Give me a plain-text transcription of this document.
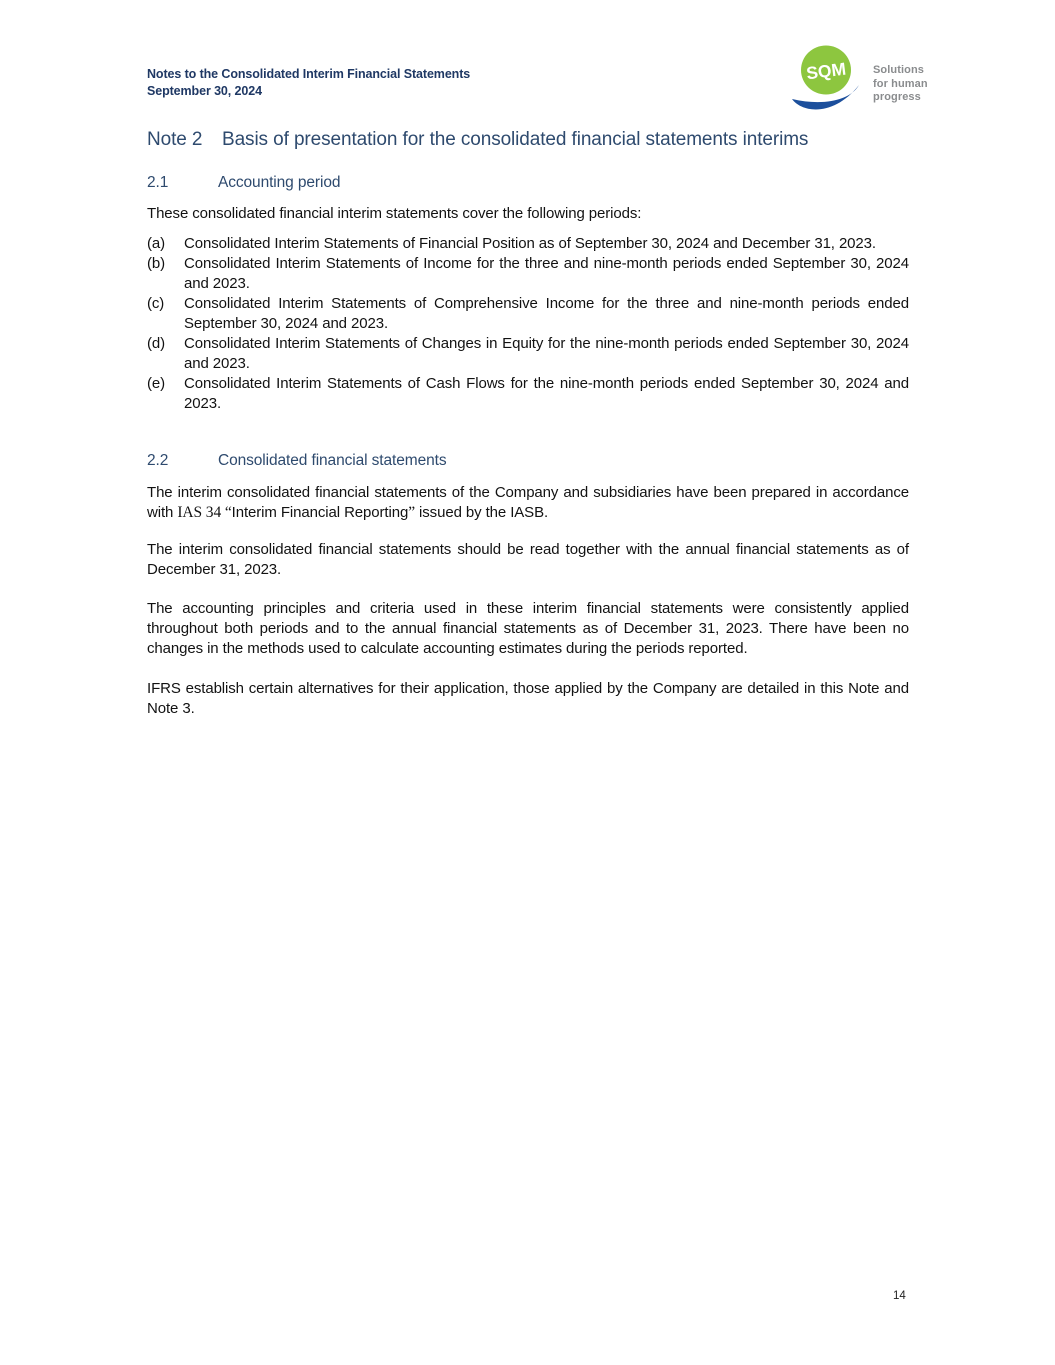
Notes to the Consolidated Interim Financial Statements
September 30, 2024
SQM Solutions
for human
progress
Note 2 Basis of presentation for the consolidated financial statements interims
2.1	Accounting period
These consolidated financial interim statements cover the following periods:
(a)	Consolidated Interim Statements of Financial Position as of September 30, 2024 and December 31, 2023.
(b)	Consolidated Interim Statements of Income for the three and nine-month periods ended September 30, 2024 and 2023.
(c)	Consolidated Interim Statements of Comprehensive Income for the three and nine-month periods ended September 30, 2024 and 2023.
(d)	Consolidated Interim Statements of Changes in Equity for the nine-month periods ended September 30, 2024 and 2023.
(e)	Consolidated Interim Statements of Cash Flows for the nine-month periods ended September 30, 2024 and 2023.
2.2	Consolidated financial statements
The interim consolidated financial statements of the Company and subsidiaries have been prepared in accordance with IAS 34 “Interim Financial Reporting” issued by the IASB.
The interim consolidated financial statements should be read together with the annual financial statements as of December 31, 2023.
The accounting principles and criteria used in these interim financial statements were consistently applied throughout both periods and to the annual financial statements as of December 31, 2023. There have been no changes in the methods used to calculate accounting estimates during the periods reported.
IFRS establish certain alternatives for their application, those applied by the Company are detailed in this Note and Note 3.
14
